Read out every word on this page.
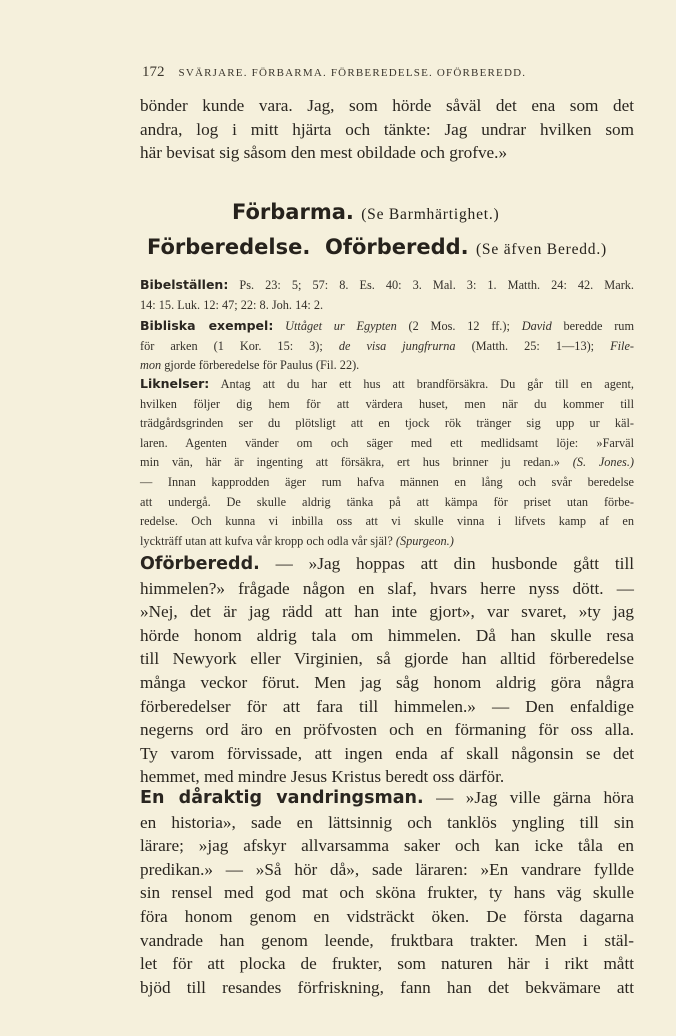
172 SVÄRJARE. FÖRBARMA. FÖRBEREDELSE. OFÖRBEREDD.
bönder kunde vara. Jag, som hörde såväl det ena som det
andra, log i mitt hjärta och tänkte: Jag undrar hvilken som
här bevisat sig såsom den mest obildade och grofve.»
Förbarma. (Se Barmhärtighet.)
Förberedelse.  Oförberedd. (Se äfven Beredd.)
Bibelställen: Ps. 23: 5; 57: 8. Es. 40: 3. Mal. 3: 1. Matth. 24: 42. Mark.
14: 15. Luk. 12: 47; 22: 8. Joh. 14: 2.
Bibliska exempel: Uttåget ur Egypten (2 Mos. 12 ff.); David beredde rum
för arken (1 Kor. 15: 3); de visa jungfrurna (Matth. 25: 1—13); File-
mon gjorde förberedelse för Paulus (Fil. 22).
Liknelser: Antag att du har ett hus att brandförsäkra. Du går till en agent,
hvilken följer dig hem för att värdera huset, men när du kommer till
trädgårdsgrinden ser du plötsligt att en tjock rök tränger sig upp ur käl-
laren. Agenten vänder om och säger med ett medlidsamt löje: »Farväl
min vän, här är ingenting att försäkra, ert hus brinner ju redan.» (S. Jones.)
— Innan kapprodden äger rum hafva männen en lång och svår beredelse
att undergå. De skulle aldrig tänka på att kämpa för priset utan förbe-
redelse. Och kunna vi inbilla oss att vi skulle vinna i lifvets kamp af en
lyckträff utan att kufva vår kropp och odla vår själ? (Spurgeon.)
Oförberedd. — »Jag hoppas att din husbonde gått till
himmelen?» frågade någon en slaf, hvars herre nyss dött. —
»Nej, det är jag rädd att han inte gjort», var svaret, »ty jag
hörde honom aldrig tala om himmelen. Då han skulle resa
till Newyork eller Virginien, så gjorde han alltid förberedelse
många veckor förut. Men jag såg honom aldrig göra några
förberedelser för att fara till himmelen.» — Den enfaldige
negerns ord äro en pröfvosten och en förmaning för oss alla.
Ty varom förvissade, att ingen enda af skall någonsin se det
hemmet, med mindre Jesus Kristus beredt oss därför.
En dåraktig vandringsman. — »Jag ville gärna höra
en historia», sade en lättsinnig och tanklös yngling till sin
lärare; »jag afskyr allvarsamma saker och kan icke tåla en
predikan.» — »Så hör då», sade läraren: »En vandrare fyllde
sin rensel med god mat och sköna frukter, ty hans väg skulle
föra honom genom en vidsträckt öken. De första dagarna
vandrade han genom leende, fruktbara trakter. Men i stäl-
let för att plocka de frukter, som naturen här i rikt mått
bjöd till resandes förfriskning, fann han det bekvämare att
